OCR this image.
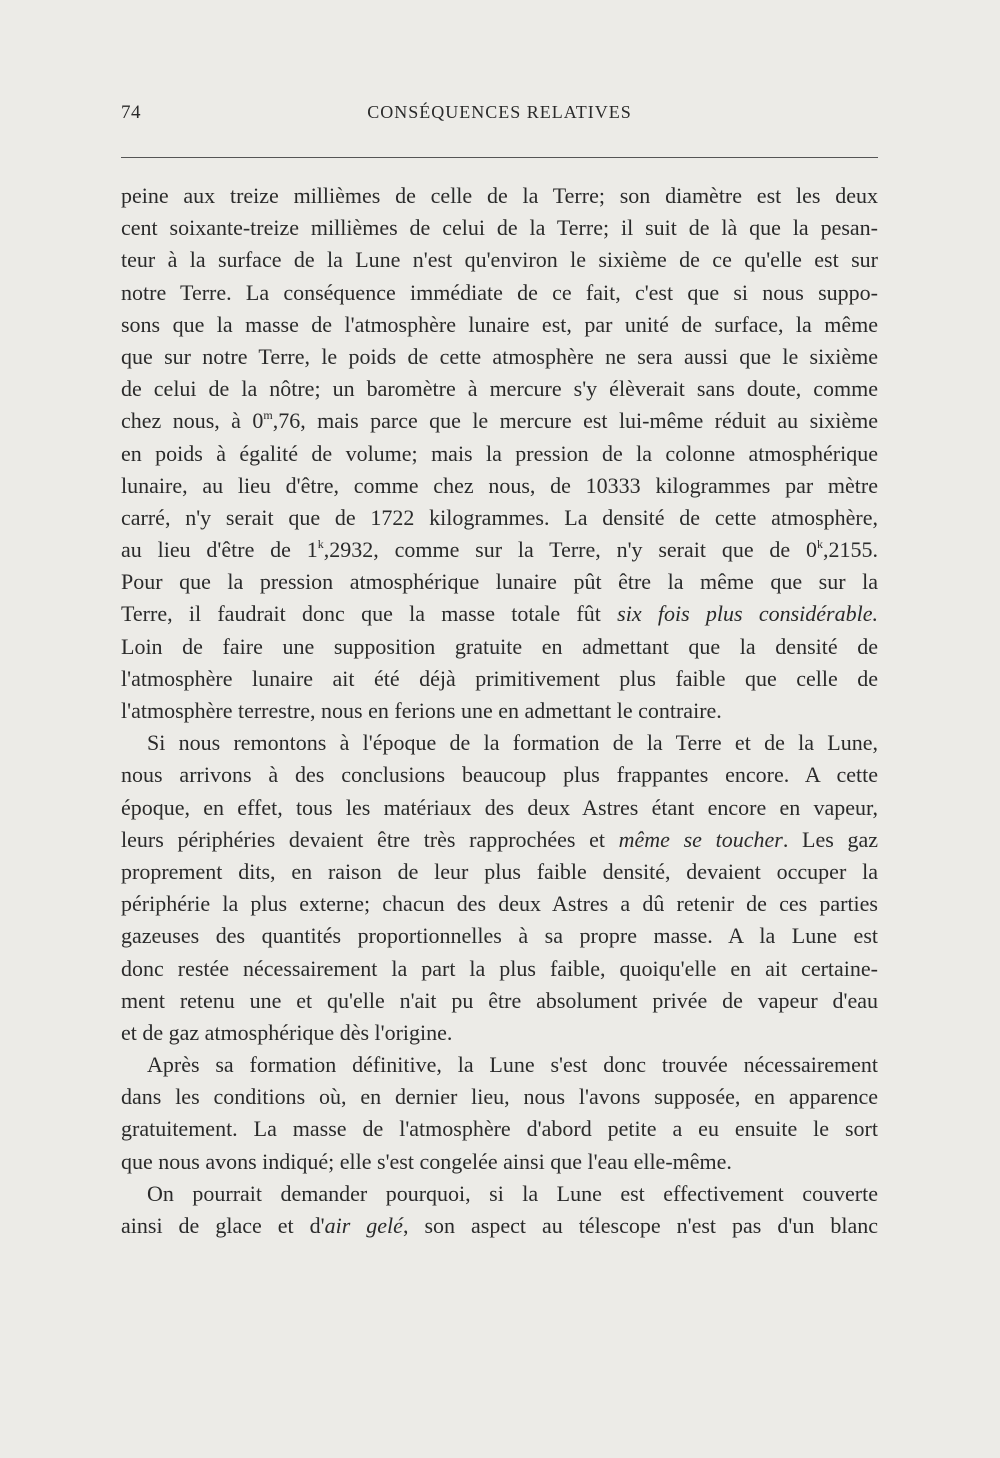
74	CONSÉQUENCES RELATIVES
peine aux treize millièmes de celle de la Terre; son diamètre est les deux
cent soixante-treize millièmes de celui de la Terre; il suit de là que la pesan-
teur à la surface de la Lune n'est qu'environ le sixième de ce qu'elle est sur
notre Terre. La conséquence immédiate de ce fait, c'est que si nous suppo-
sons que la masse de l'atmosphère lunaire est, par unité de surface, la même
que sur notre Terre, le poids de cette atmosphère ne sera aussi que le sixième
de celui de la nôtre; un baromètre à mercure s'y élèverait sans doute, comme
chez nous, à 0$^m$,76, mais parce que le mercure est lui-même réduit au sixième
en poids à égalité de volume; mais la pression de la colonne atmosphérique
lunaire, au lieu d'être, comme chez nous, de 10333 kilogrammes par mètre
carré, n'y serait que de 1722 kilogrammes. La densité de cette atmosphère,
au lieu d'être de 1$^k$,2932, comme sur la Terre, n'y serait que de 0$^k$,2155.
Pour que la pression atmosphérique lunaire pût être la même que sur la
Terre, il faudrait donc que la masse totale fût six fois plus considérable.
Loin de faire une supposition gratuite en admettant que la densité de
l'atmosphère lunaire ait été déjà primitivement plus faible que celle de
l'atmosphère terrestre, nous en ferions une en admettant le contraire.
Si nous remontons à l'époque de la formation de la Terre et de la Lune,
nous arrivons à des conclusions beaucoup plus frappantes encore. A cette
époque, en effet, tous les matériaux des deux Astres étant encore en vapeur,
leurs périphéries devaient être très rapprochées et même se toucher. Les gaz
proprement dits, en raison de leur plus faible densité, devaient occuper la
périphérie la plus externe; chacun des deux Astres a dû retenir de ces parties
gazeuses des quantités proportionnelles à sa propre masse. A la Lune est
donc restée nécessairement la part la plus faible, quoiqu'elle en ait certaine-
ment retenu une et qu'elle n'ait pu être absolument privée de vapeur d'eau
et de gaz atmosphérique dès l'origine.
Après sa formation définitive, la Lune s'est donc trouvée nécessairement
dans les conditions où, en dernier lieu, nous l'avons supposée, en apparence
gratuitement. La masse de l'atmosphère d'abord petite a eu ensuite le sort
que nous avons indiqué; elle s'est congelée ainsi que l'eau elle-même.
On pourrait demander pourquoi, si la Lune est effectivement couverte
ainsi de glace et d'air gelé, son aspect au télescope n'est pas d'un blanc
